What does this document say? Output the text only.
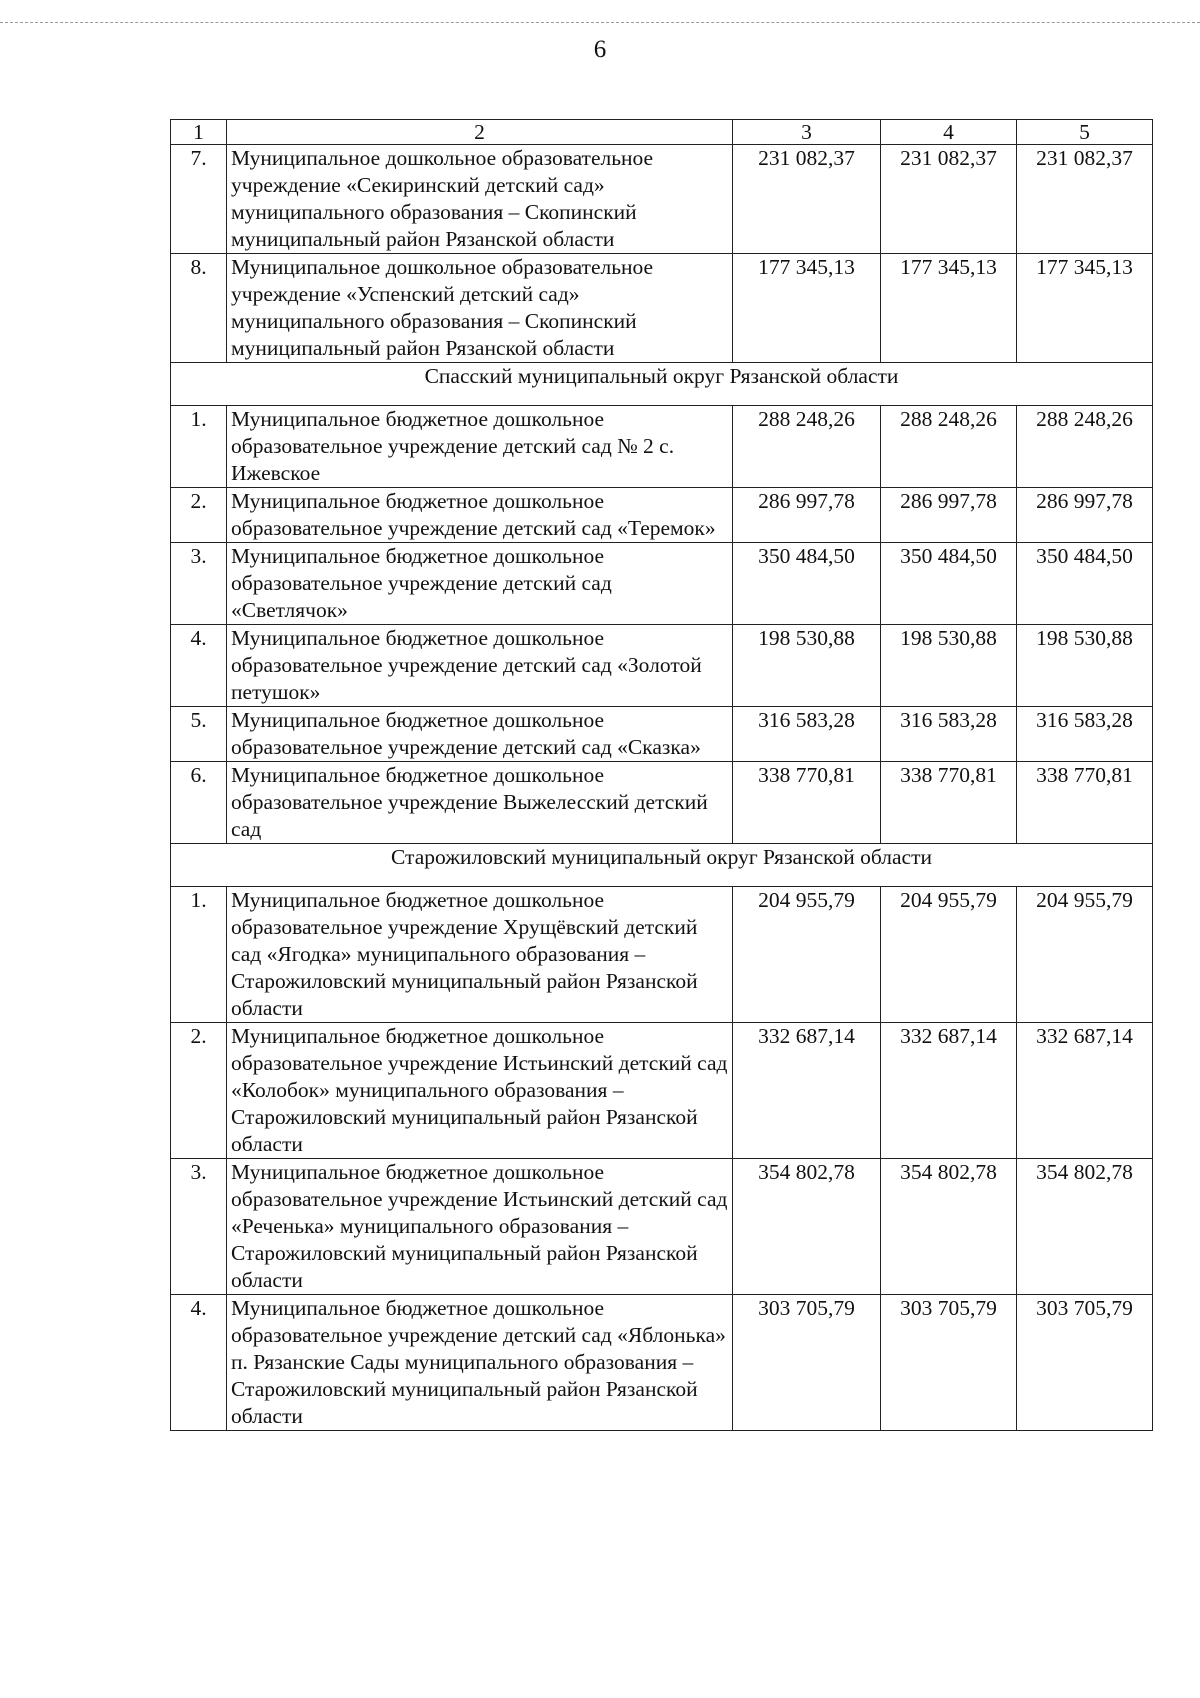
6
1	2	3	4	5
7.	Муниципальное дошкольное образовательное учреждение «Секиринский детский сад» муниципального образования – Скопинский муниципальный район Рязанской области	231 082,37	231 082,37	231 082,37
8.	Муниципальное дошкольное образовательное учреждение «Успенский детский сад» муниципального образования – Скопинский муниципальный район Рязанской области	177 345,13	177 345,13	177 345,13
Спасский муниципальный округ Рязанской области				
1.	Муниципальное бюджетное дошкольное образовательное учреждение детский сад № 2 с. Ижевское	288 248,26	288 248,26	288 248,26
2.	Муниципальное бюджетное дошкольное образовательное учреждение детский сад «Теремок»	286 997,78	286 997,78	286 997,78
3.	Муниципальное бюджетное дошкольное образовательное учреждение детский сад «Светлячок»	350 484,50	350 484,50	350 484,50
4.	Муниципальное бюджетное дошкольное образовательное учреждение детский сад «Золотой петушок»	198 530,88	198 530,88	198 530,88
5.	Муниципальное бюджетное дошкольное образовательное учреждение детский сад «Сказка»	316 583,28	316 583,28	316 583,28
6.	Муниципальное бюджетное дошкольное образовательное учреждение Выжелесский детский сад	338 770,81	338 770,81	338 770,81
Старожиловский муниципальный округ Рязанской области				
1.	Муниципальное бюджетное дошкольное образовательное учреждение Хрущёвский детский сад «Ягодка» муниципального образования – Старожиловский муниципальный район Рязанской области	204 955,79	204 955,79	204 955,79
2.	Муниципальное бюджетное дошкольное образовательное учреждение Истьинский детский сад «Колобок» муниципального образования – Старожиловский муниципальный район Рязанской области	332 687,14	332 687,14	332 687,14
3.	Муниципальное бюджетное дошкольное образовательное учреждение Истьинский детский сад «Реченька» муниципального образования – Старожиловский муниципальный район Рязанской области	354 802,78	354 802,78	354 802,78
4.	Муниципальное бюджетное дошкольное образовательное учреждение детский сад «Яблонька» п. Рязанские Сады муниципального образования – Старожиловский муниципальный район Рязанской области	303 705,79	303 705,79	303 705,79
